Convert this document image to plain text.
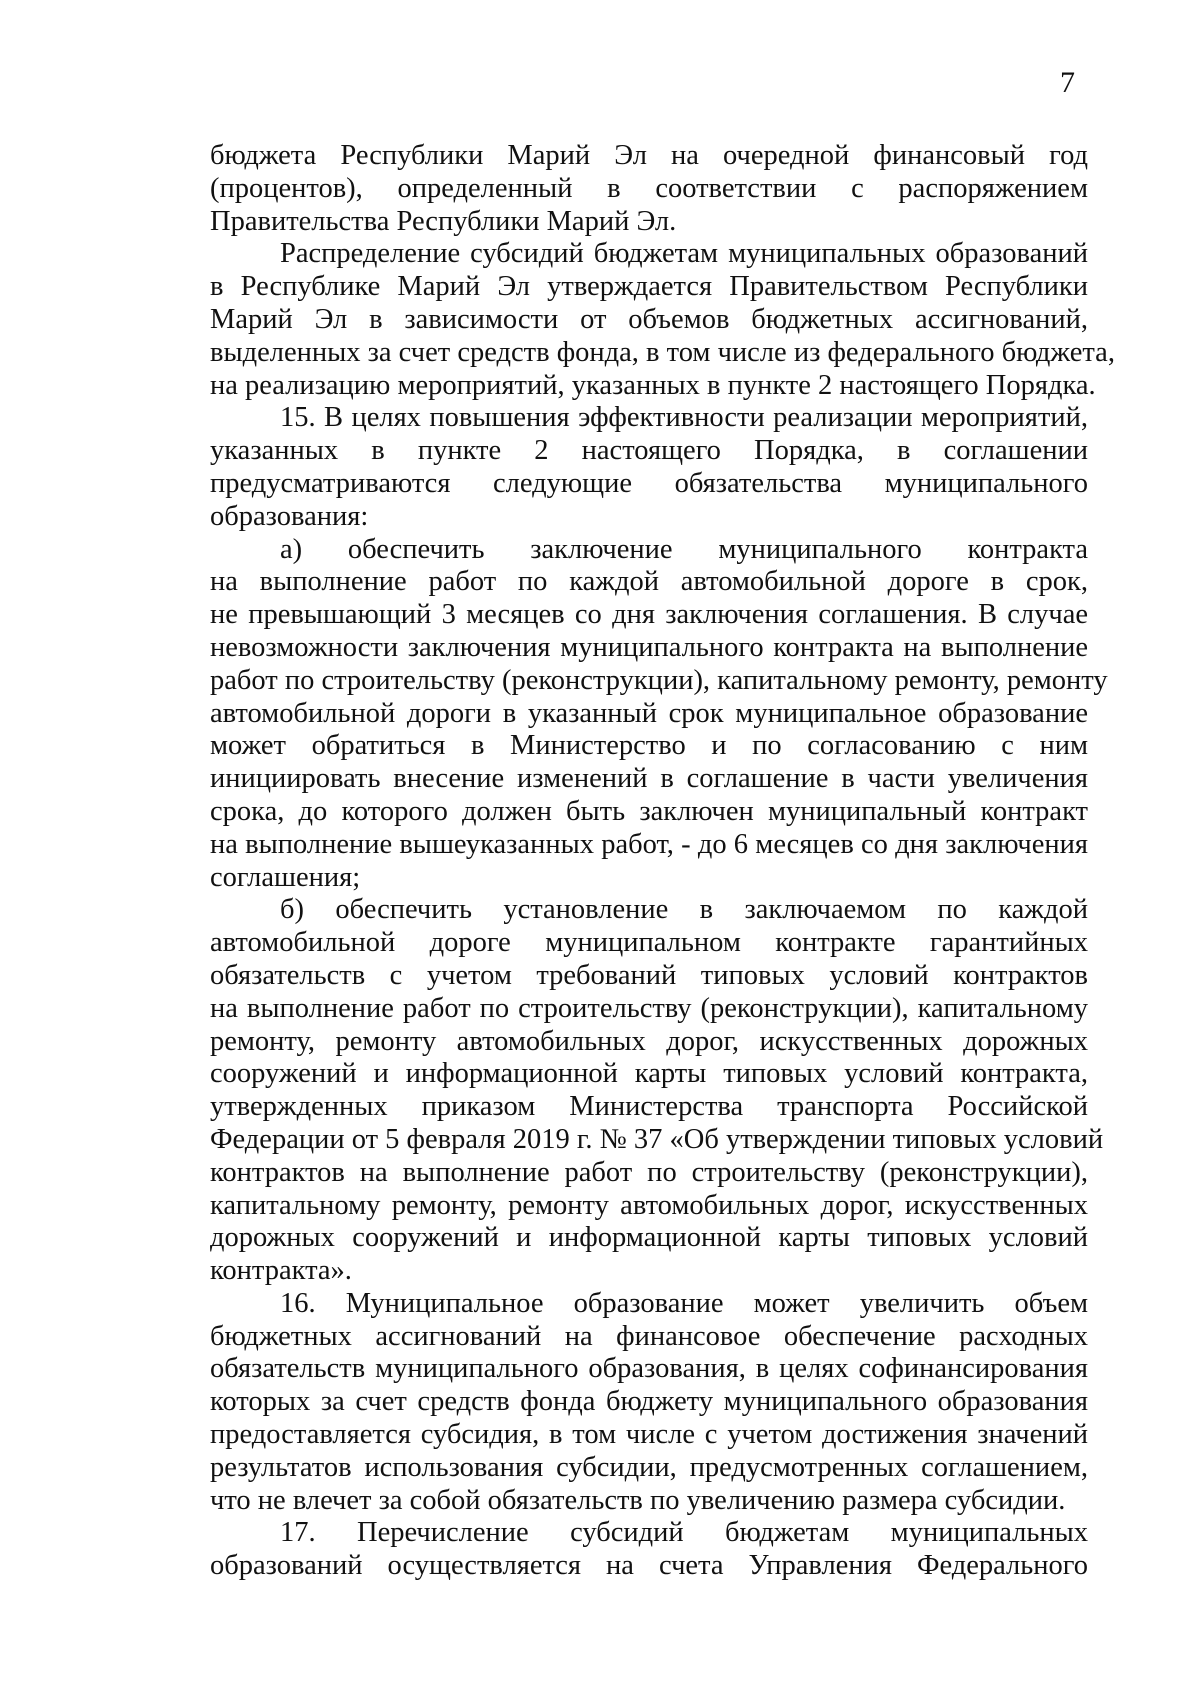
7
бюджета Республики Марий Эл на очередной финансовый год
(процентов), определенный в соответствии с распоряжением
Правительства Республики Марий Эл.
Распределение субсидий бюджетам муниципальных образований
в Республике Марий Эл утверждается Правительством Республики
Марий Эл в зависимости от объемов бюджетных ассигнований,
выделенных за счет средств фонда, в том числе из федерального бюджета,
на реализацию мероприятий, указанных в пункте 2 настоящего Порядка.
15. В целях повышения эффективности реализации мероприятий,
указанных в пункте 2 настоящего Порядка, в соглашении
предусматриваются следующие обязательства муниципального
образования:
а) обеспечить заключение муниципального контракта
на выполнение работ по каждой автомобильной дороге в срок,
не превышающий 3 месяцев со дня заключения соглашения. В случае
невозможности заключения муниципального контракта на выполнение
работ по строительству (реконструкции), капитальному ремонту, ремонту
автомобильной дороги в указанный срок муниципальное образование
может обратиться в Министерство и по согласованию с ним
инициировать внесение изменений в соглашение в части увеличения
срока, до которого должен быть заключен муниципальный контракт
на выполнение вышеуказанных работ, - до 6 месяцев со дня заключения
соглашения;
б) обеспечить установление в заключаемом по каждой
автомобильной дороге муниципальном контракте гарантийных
обязательств с учетом требований типовых условий контрактов
на выполнение работ по строительству (реконструкции), капитальному
ремонту, ремонту автомобильных дорог, искусственных дорожных
сооружений и информационной карты типовых условий контракта,
утвержденных приказом Министерства транспорта Российской
Федерации от 5 февраля 2019 г. № 37 «Об утверждении типовых условий
контрактов на выполнение работ по строительству (реконструкции),
капитальному ремонту, ремонту автомобильных дорог, искусственных
дорожных сооружений и информационной карты типовых условий
контракта».
16. Муниципальное образование может увеличить объем
бюджетных ассигнований на финансовое обеспечение расходных
обязательств муниципального образования, в целях софинансирования
которых за счет средств фонда бюджету муниципального образования
предоставляется субсидия, в том числе с учетом достижения значений
результатов использования субсидии, предусмотренных соглашением,
что не влечет за собой обязательств по увеличению размера субсидии.
17. Перечисление субсидий бюджетам муниципальных
образований осуществляется на счета Управления Федерального
